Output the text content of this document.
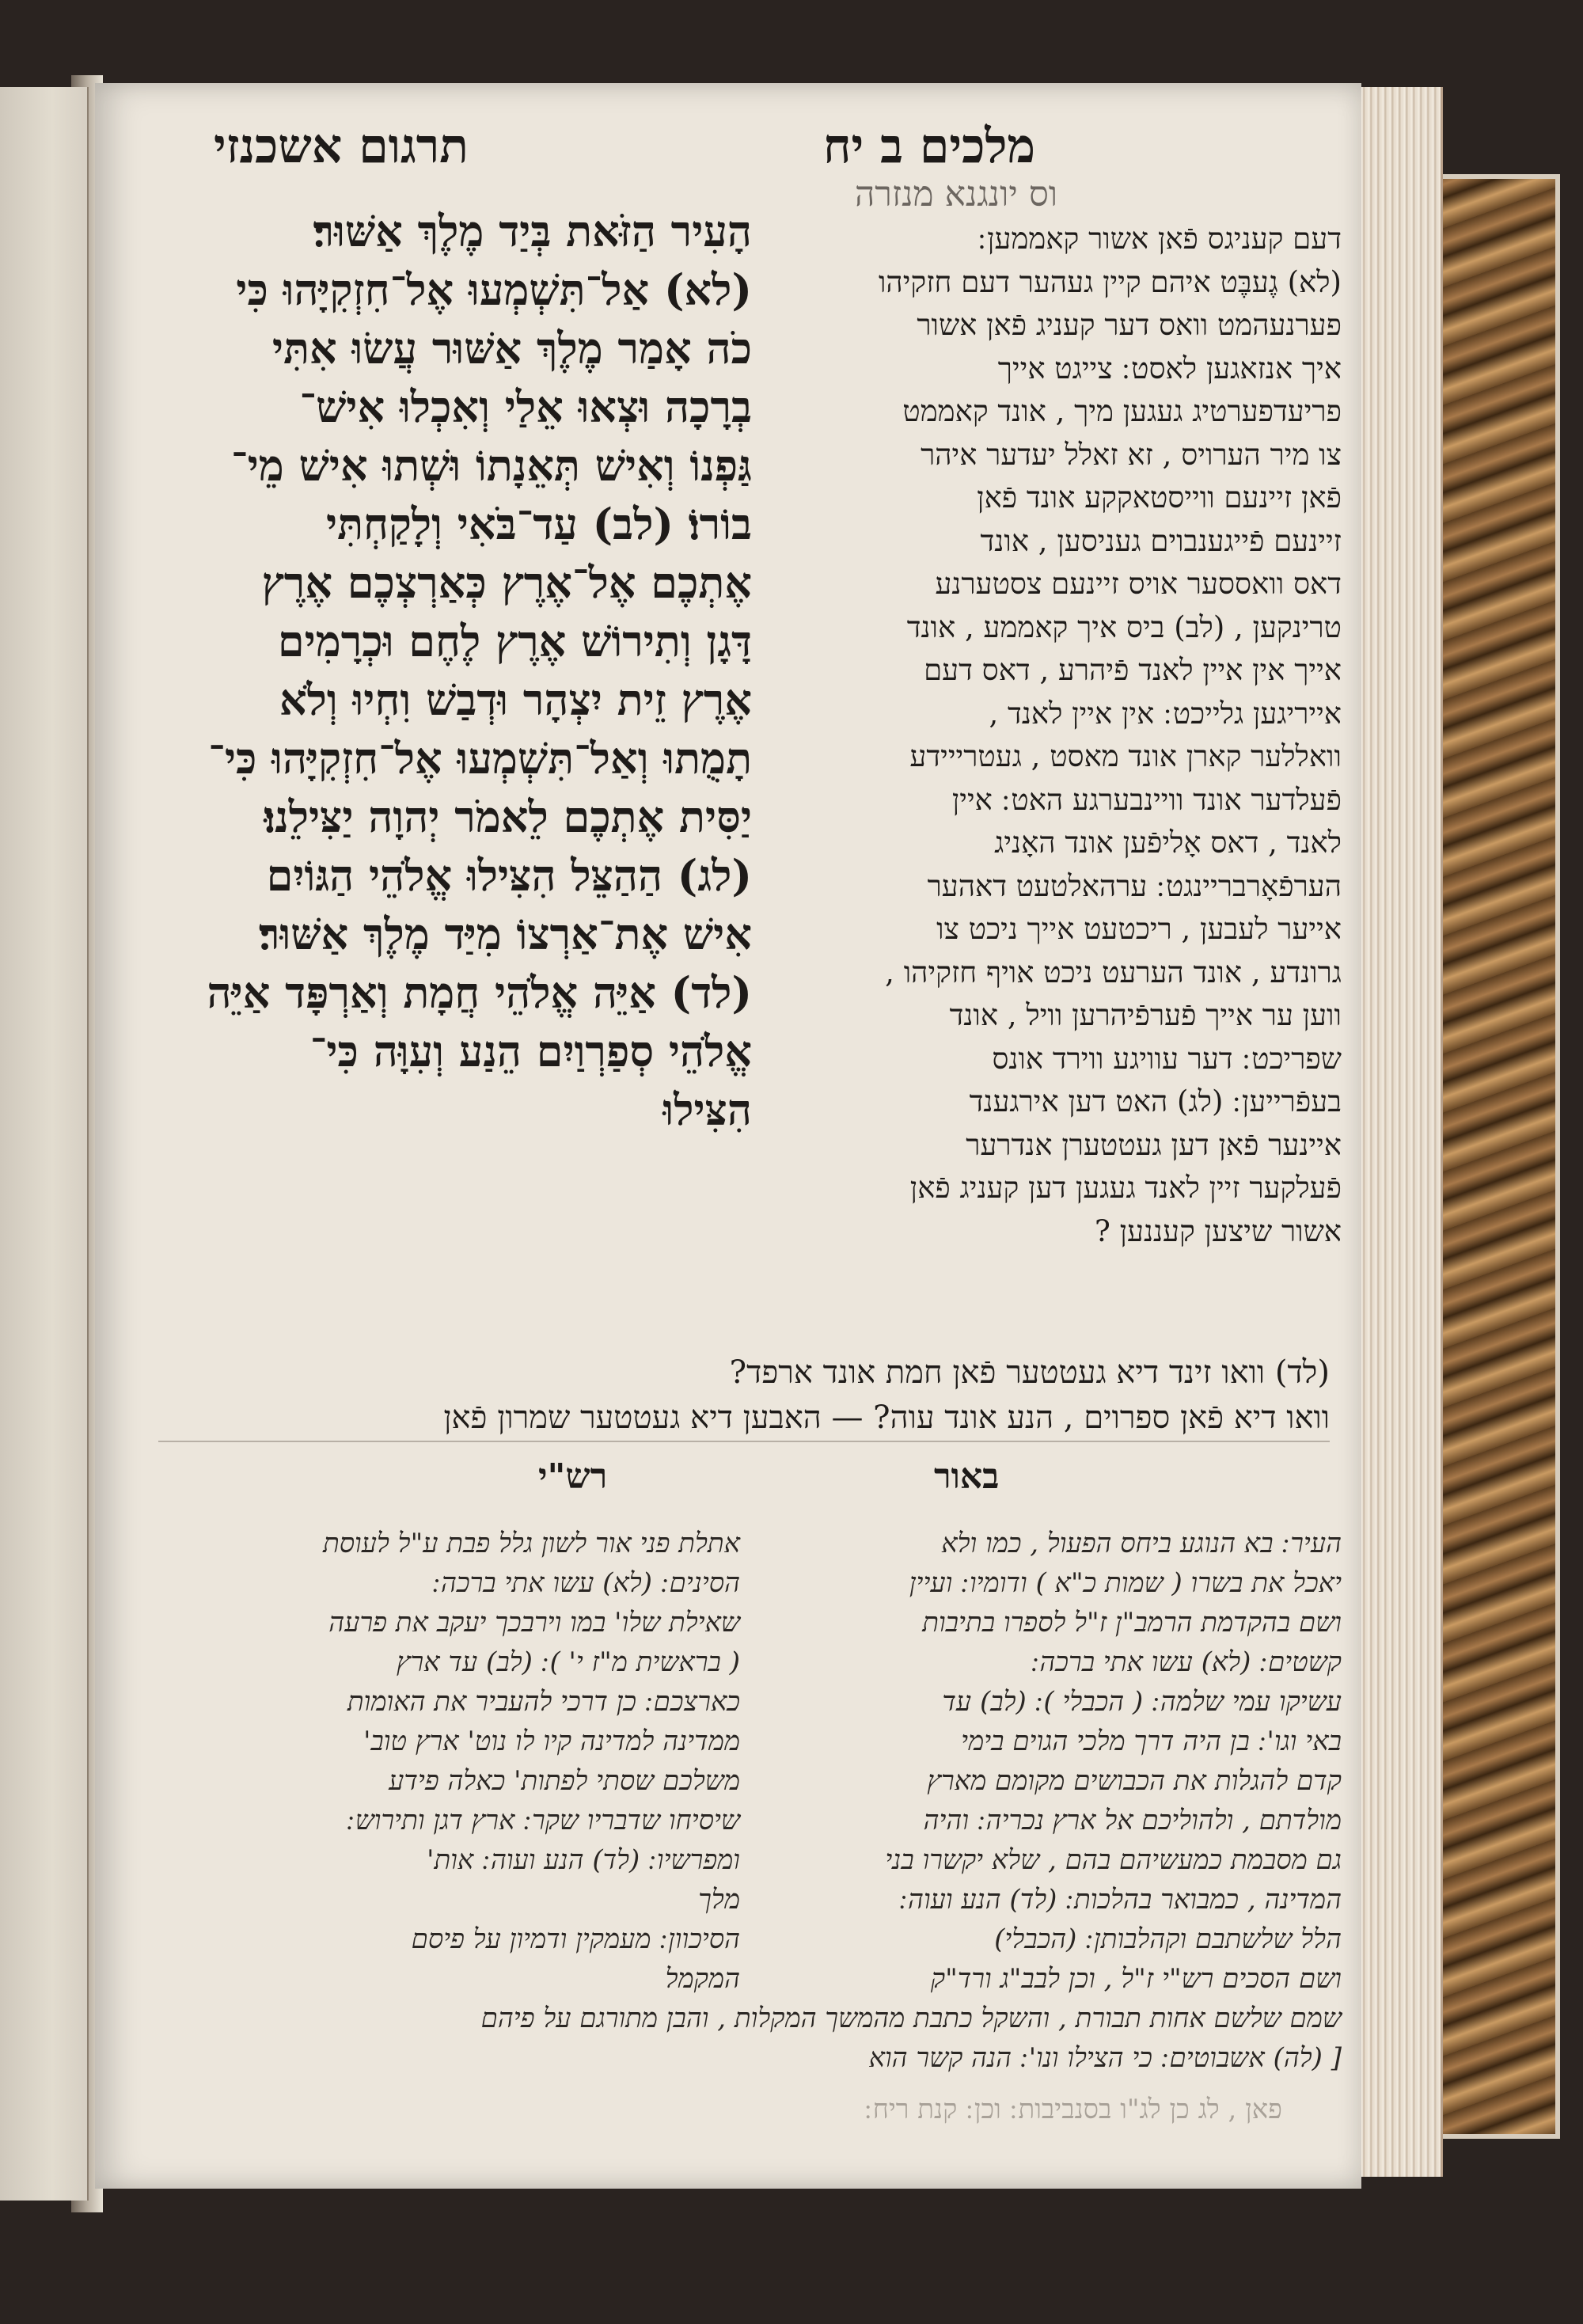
תרגום אשכנזי	מלכים ב יח
וס יונגנא מנזרה
הָעִיר הַזֹּאת בְּיַד מֶלֶךְ אַשּׁוּר׃
(לא) אַל־תִּשְׁמְעוּ אֶל־חִזְקִיָּהוּ כִּי
כֹה אָמַר מֶלֶךְ אַשּׁוּר עֲשׂוּ אִתִּי
בְרָכָה וּצְאוּ אֵלַי וְאִכְלוּ אִישׁ־
גַּפְנוֹ וְאִישׁ תְּאֵנָתוֹ וּשְׁתוּ אִישׁ מֵי־
בוֹרוֹ׃ (לב) עַד־בֹּאִי וְלָקַחְתִּי
אֶתְכֶם אֶל־אֶרֶץ כְּאַרְצְכֶם אֶרֶץ
דָּגָן וְתִירוֹשׁ אֶרֶץ לֶחֶם וּכְרָמִים
אֶרֶץ זֵית יִצְהָר וּדְבַשׁ וִחְיוּ וְלֹא
תָמֻתוּ וְאַל־תִּשְׁמְעוּ אֶל־חִזְקִיָּהוּ כִּי־
יַסִּית אֶתְכֶם לֵאמֹר יְהוָה יַצִּילֵנוּ׃
(לג) הַהַצֵּל הִצִּילוּ אֱלֹהֵי הַגּוֹיִם
אִישׁ אֶת־אַרְצוֹ מִיַּד מֶלֶךְ אַשּׁוּר׃
(לד) אַיֵּה אֱלֹהֵי חֲמָת וְאַרְפָּד אַיֵּה
אֱלֹהֵי סְפַרְוַיִם הֵנַע וְעִוָּה כִּי־
הִצִּילוּ
דעם קעניגס פֿאן אשור קאממען ׃
(לא) גֶעבֶּט איהם קיין געהער דעם חזקיהו
פערנעהמט וואס דער קעניג פֿאן אשור
איך אנזאגען לאסט ׃ צייגט אייך
פריעדפערטיג געגען מיך , אונד קאממט
צו מיר הערויס , זא זאלל יעדער איהר
פֿאן זיינעם ווייסטאקקע אונד פֿאן
זיינעם פֿייגענבוים געניסען , אונד
דאס וואססער אויס זיינעם צסטערנע
טרינקען , (לב) ביס איך קאממע , אונד
אייך אין איין לאנד פֿיהרע , דאס דעם
אייריגען גלייכט ׃ אין איין לאנד ,
וואללער קארן אונד מאסט , געטרייידע
פֿעלדער אונד וויינבערגע האט ׃ איין
לאנד , דאס אָליפֿען אונד האָניג
הערפֿאָרבריינגט ׃ ערהאלטעט דאהער
אייער לעבען , ריכטעט אייך ניכט צו
גרונדע , אונד הערעט ניכט אויף חזקיהו ,
ווען ער אייך פֿערפֿיהרען וויל , אונד
שפריכט ׃ דער עוויגע ווירד אונס
בעפֿרייען ׃ (לג) האט דען אירגענד
איינער פֿאן דען געטטערן אנדרער
פֿעלקער זיין לאנד געגען דען קעניג פֿאן
אשור שיצען קעננען ?
(לד) וואו זינד דיא געטטער פֿאן חמת אונד ארפד?
וואו דיא פֿאן ספרוים , הנע אונד עוה? — האבען דיא געטטער שמרון פֿאן
רש"י	באור
אתלת פני אור לשון גלל פבת ע"ל לעוסת
הסינים ׃ (לא) עשו אתי ברכה ׃
שאילת שלו' במו וירבכך יעקב את פרעה
( בראשית מ"ז י' ) ׃ (לב) עד ארץ
כארצכם ׃ כן דרכי להעביר את האומות
ממדינה למדינה קיו לו נוט' ארץ טוב'
משלכם שסתי לפתות' כאלה פידע
שיסיחו שדבריו שקר ׃ ארץ דגן ותירוש ׃
ומפרשיו ׃ (לד) הנע ועוה ׃ אות'
מלך
הסיכוון ׃ מעמקין ודמיון על פיסם
המקמל
העיר ׃ בא הנוגע ביחס הפעול , כמו ולא
יאכל את בשרו ( שמות כ"א ) ודומיו ׃ ועיין
ושם בהקדמת הרמב"ן ז"ל לספרו בתיבות
קשטים ׃ (לא) עשו אתי ברכה ׃
עשיקו עמי שלמה ׃ ( הכבלי ) ׃ (לב) עד
באי וגו' ׃ בן היה דרך מלכי הגוים בימי
קדם להגלות את הכבושים מקומם מארץ
מולדתם , ולהוליכם אל ארץ נכריה ׃ והיה
גם מסבמת כמעשיהם בהם , שלא יקשרו בני
המדינה , כמבואר בהלכות ׃ (לד) הנע ועוה ׃
הלל שלשתבם וקהלבותן ׃ (הכבלי)
ושם הסכים רש"י ז"ל , וכן לבב"ג ורד"ק
שמם שלשם אחות תבורת , והשקל כתבת מהמשך המקלות , והבן מתורגם על פיהם
[ (לה) אשבוטים ׃ כי הצילו ונו' ׃ הנה קשר הוא
פאן , לג כן לג"ו בסנביבות ׃ וכן ׃ קנת ריח ׃
